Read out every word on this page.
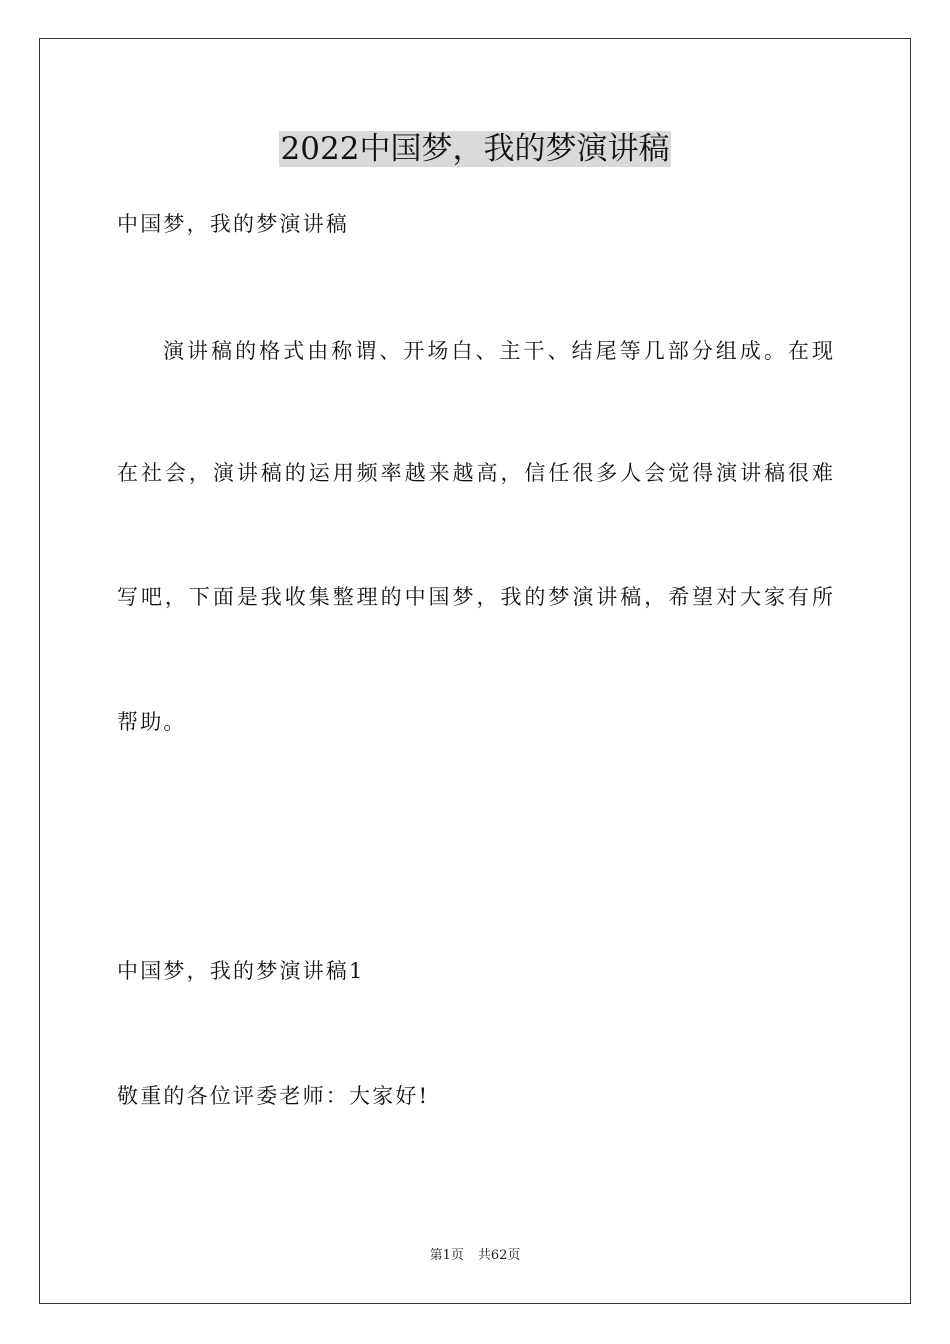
2022中国梦，我的梦演讲稿
中国梦，我的梦演讲稿
演讲稿的格式由称谓、开场白、主干、结尾等几部分组成。在现
在社会，演讲稿的运用频率越来越高，信任很多人会觉得演讲稿很难
写吧，下面是我收集整理的中国梦，我的梦演讲稿，希望对大家有所
帮助。
中国梦，我的梦演讲稿1
敬重的各位评委老师：大家好!
第1页 共62页
